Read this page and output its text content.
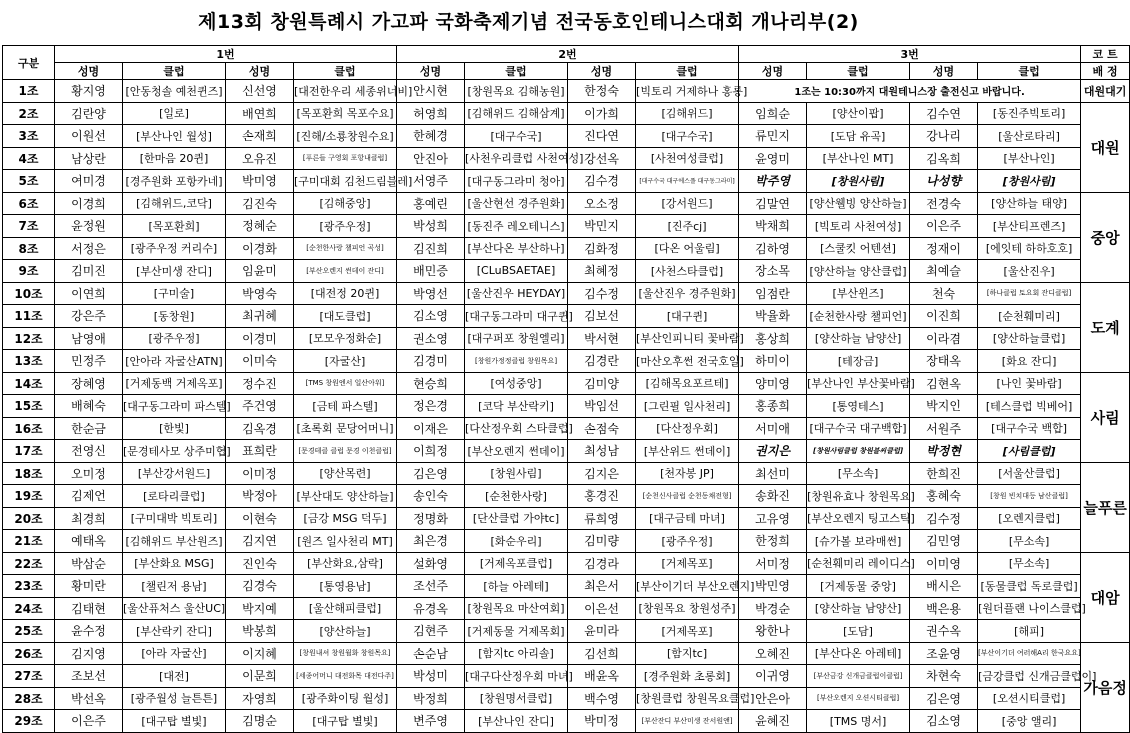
제13회 창원특례시 가고파 국화축제기념 전국동호인테니스대회 개나리부(2)
구분	1번				2번				3번				코 트
	성명	클럽	성명	클럽	성명	클럽	성명	클럽	성명	클럽	성명	클럽	배 정
1조	황지영	[안동청솔 예천퀸즈]	신선영	[대전한우리 세종위너비]	안시현	[창원목요 김해농원]	한정숙	[빅토리 거제하나 홍롱]	1조는 10:30까지 대원테니스장 출전신고 바랍니다.				대원대기
2조	김란양	[일로]	배연희	[목포환희 목포수요]	허영희	[김해위드 김해삼계]	이가희	[김해위드]	임희순	[양산이팝]	김수연	[동진주빅토리]	대원
3조	이원선	[부산나인 월성]	손재희	[진해/소룡창원수요]	한혜경	[대구수국]	진다연	[대구수국]	류민지	[도담 유곡]	강나리	[울산로타리]	
4조	남상란	[한마음 20퀸]	오유진	[푸른들 구영회 포항내클럽]	안진아	[사천우리클럽 사천여성]	강선옥	[사천여성클럽]	윤영미	[부산나인 MT]	김옥희	[부산나인]	
5조	여미경	[경주원화 포항카네]	박미영	[구미대회 김천드림블레]	서영주	[대구동그라미 청아]	김수경	[대구수국 대구에스플 대구동그라미]	박주영	[창원사림]	나성향	[창원사림]	
6조	이경희	[김해위드,코닥]	김진숙	[김해중앙]	홍예린	[울산현선 경주원화]	오소정	[강서원드]	김말연	[양산웰빙 양산하늘]	전경숙	[양산하늘 태양]	중앙
7조	윤정원	[목포환희]	정혜순	[광주우정]	박성희	[동진주 레오테니스]	박민지	[진주cj]	박채희	[빅토리 사천여성]	이은주	[부산티프렌즈]	
8조	서정은	[광주우정 커리수]	이경화	[순천한사랑 챌피언 곡성]	김진희	[부산다온 부산하나]	김화정	[다온 어울림]	김하영	[스쿨킷 어텐션]	정재이	[에잇테 하하호호]	
9조	김미진	[부산미생 잔디]	임윤미	[부산오렌지 썬데이 잔디]	배민증	[CLuBSAETAE]	최혜정	[사천스타클럽]	장소목	[양산하늘 양산클럽]	최예슬	[울산진우]	
10조	이연희	[구미술]	박영숙	[대전정 20퀸]	박영선	[울산진우 HEYDAY]	김수정	[울산진우 경주원화]	임점란	[부산윈즈]	천숙	[하나클럽 토요회 잔디클럽]	도계
11조	강은주	[동창원]	최귀혜	[대도클럽]	김소영	[대구동그라미 대구퀸]	김보선	[대구퀸]	박율화	[순천한사랑 챌피언]	이진희	[순천훼미리]	
12조	남영애	[광주우정]	이경미	[모모우정화순]	권소영	[대구퍼포 창원엘리]	박서현	[부산인피니티 꽃바람]	홍상희	[양산하늘 남양산]	이라겸	[양산하늘클럽]	
13조	민정주	[안아라 자굴산ATN]	이미숙	[자굴산]	김경미	[창원가정정클럽 창원목요]	김경란	[마산오후썬 전국호일]	하미이	[테장금]	장태옥	[화요 잔디]	
14조	장혜영	[거제동백 거제옥포]	정수진	[TMS 창원엔서 일산아워]	현승희	[여성중앙]	김미양	[김해목요포르테]	양미영	[부산나인 부산꽃바람]	김현옥	[나인 꽃바람]	사림
15조	배혜숙	[대구동그라미 파스텔]	주건영	[금테 파스텔]	정은경	[코닥 부산락키]	박임선	[그린필 일사천리]	홍종희	[통영테스]	박지인	[테스클럽 빅베어]	
16조	한순금	[한빛]	김옥경	[초록회 문당어머니]	이재은	[다산정우회 스타클럽]	손점숙	[다산정우회]	서미애	[대구수국 대구백합]	서원주	[대구수국 백합]	
17조	전영신	[문경테사모 상주미협]	표희란	[문경테클 클럽 문경 이천클럽]	이희정	[부산오렌지 썬데이]	최성남	[부산위드 썬데이]	권지은	[창원사림클럽 창원블씨클럽]	박정현	[사림클럽]	
18조	오미정	[부산강서원드]	이미정	[양산목련]	김은영	[창원사림]	김지은	[천자봉 JP]	최선미	[무소속]	한희진	[서울산클럽]	늘푸른
19조	김제언	[로타리클럽]	박정아	[부산대도 양산하늘]	송인숙	[순천한사랑]	홍경진	[순천신사클럽 순천동채전형]	송화진	[창원유효나 창원목요]	홍혜숙	[창원 빈치대등 남산클럽]	
20조	최경희	[구미대박 빅토리]	이현숙	[금강 MSG 덕두]	정명화	[단산클럽 가야tc]	류희영	[대구금테 마녀]	고유영	[부산오렌지 팅고스틱]	김수정	[오렌지클럽]	
21조	예태옥	[김해위드 부산원즈]	김지연	[원즈 일사천리 MT]	최은경	[화순우리]	김미량	[광주우정]	한정희	[슈가볼 보라매썬]	김민영	[무소속]	
22조	박삼순	[부산화요 MSG]	진인숙	[부산화요,삼락]	설화영	[거제옥포클럽]	김경라	[거제목포]	서미정	[순천훼미리 레이디스]	이미영	[무소속]	대암
23조	황미란	[챌린저 용남]	김경숙	[통영용남]	조선주	[하늘 아레테]	최은서	[부산이기더 부산오렌지]	박민영	[거제동물 중앙]	배시은	[동물클럽 독로클럽]	
24조	김태현	[울산퓨처스 울산UC]	박지예	[울산해피클럽]	유경옥	[창원목요 마산여회]	이은선	[창원목요 창원성주]	박경순	[양산하늘 남양산]	백은용	[원더플랜 나이스클럽]	
25조	윤수정	[부산락키 잔디]	박봉희	[양산하늘]	김현주	[거제동물 거제목회]	윤미라	[거제목포]	왕한나	[도담]	권수옥	[해피]	
26조	김지영	[아라 자굴산]	이지혜	[창원내셔 창원월화 창원목요]	손순남	[함지tc 아리솔]	김선희	[함지tc]	오혜진	[부산다온 아레테]	조윤영	[부산이기더 여러해A리 한국요요]	가음정
27조	조보선	[대전]	이문희	[세종어머니 대전화목 대전다주]	박성미	[대구다산정우회 마녀]	배윤옥	[경주원화 초롱회]	이귀영	[부산금강 신개금클럽이클럽]	차현숙	[금강클럽 신개금클럽이]	
28조	박선옥	[광주월성 늘튼튼]	자영희	[광주화이팅 월성]	박정희	[창원명서클럽]	백수영	[창원클럽 창원목요클럽]	안은아	[부산오렌지 오션시티클럽]	김은영	[오션시티클럽]	
29조	이은주	[대구탑 별빛]	김명순	[대구탑 별빛]	변주영	[부산나인 잔디]	박미정	[부산잔디 부산미생 잔서원앤]	윤혜진	[TMS 명서]	김소영	[중앙 앨리]	
